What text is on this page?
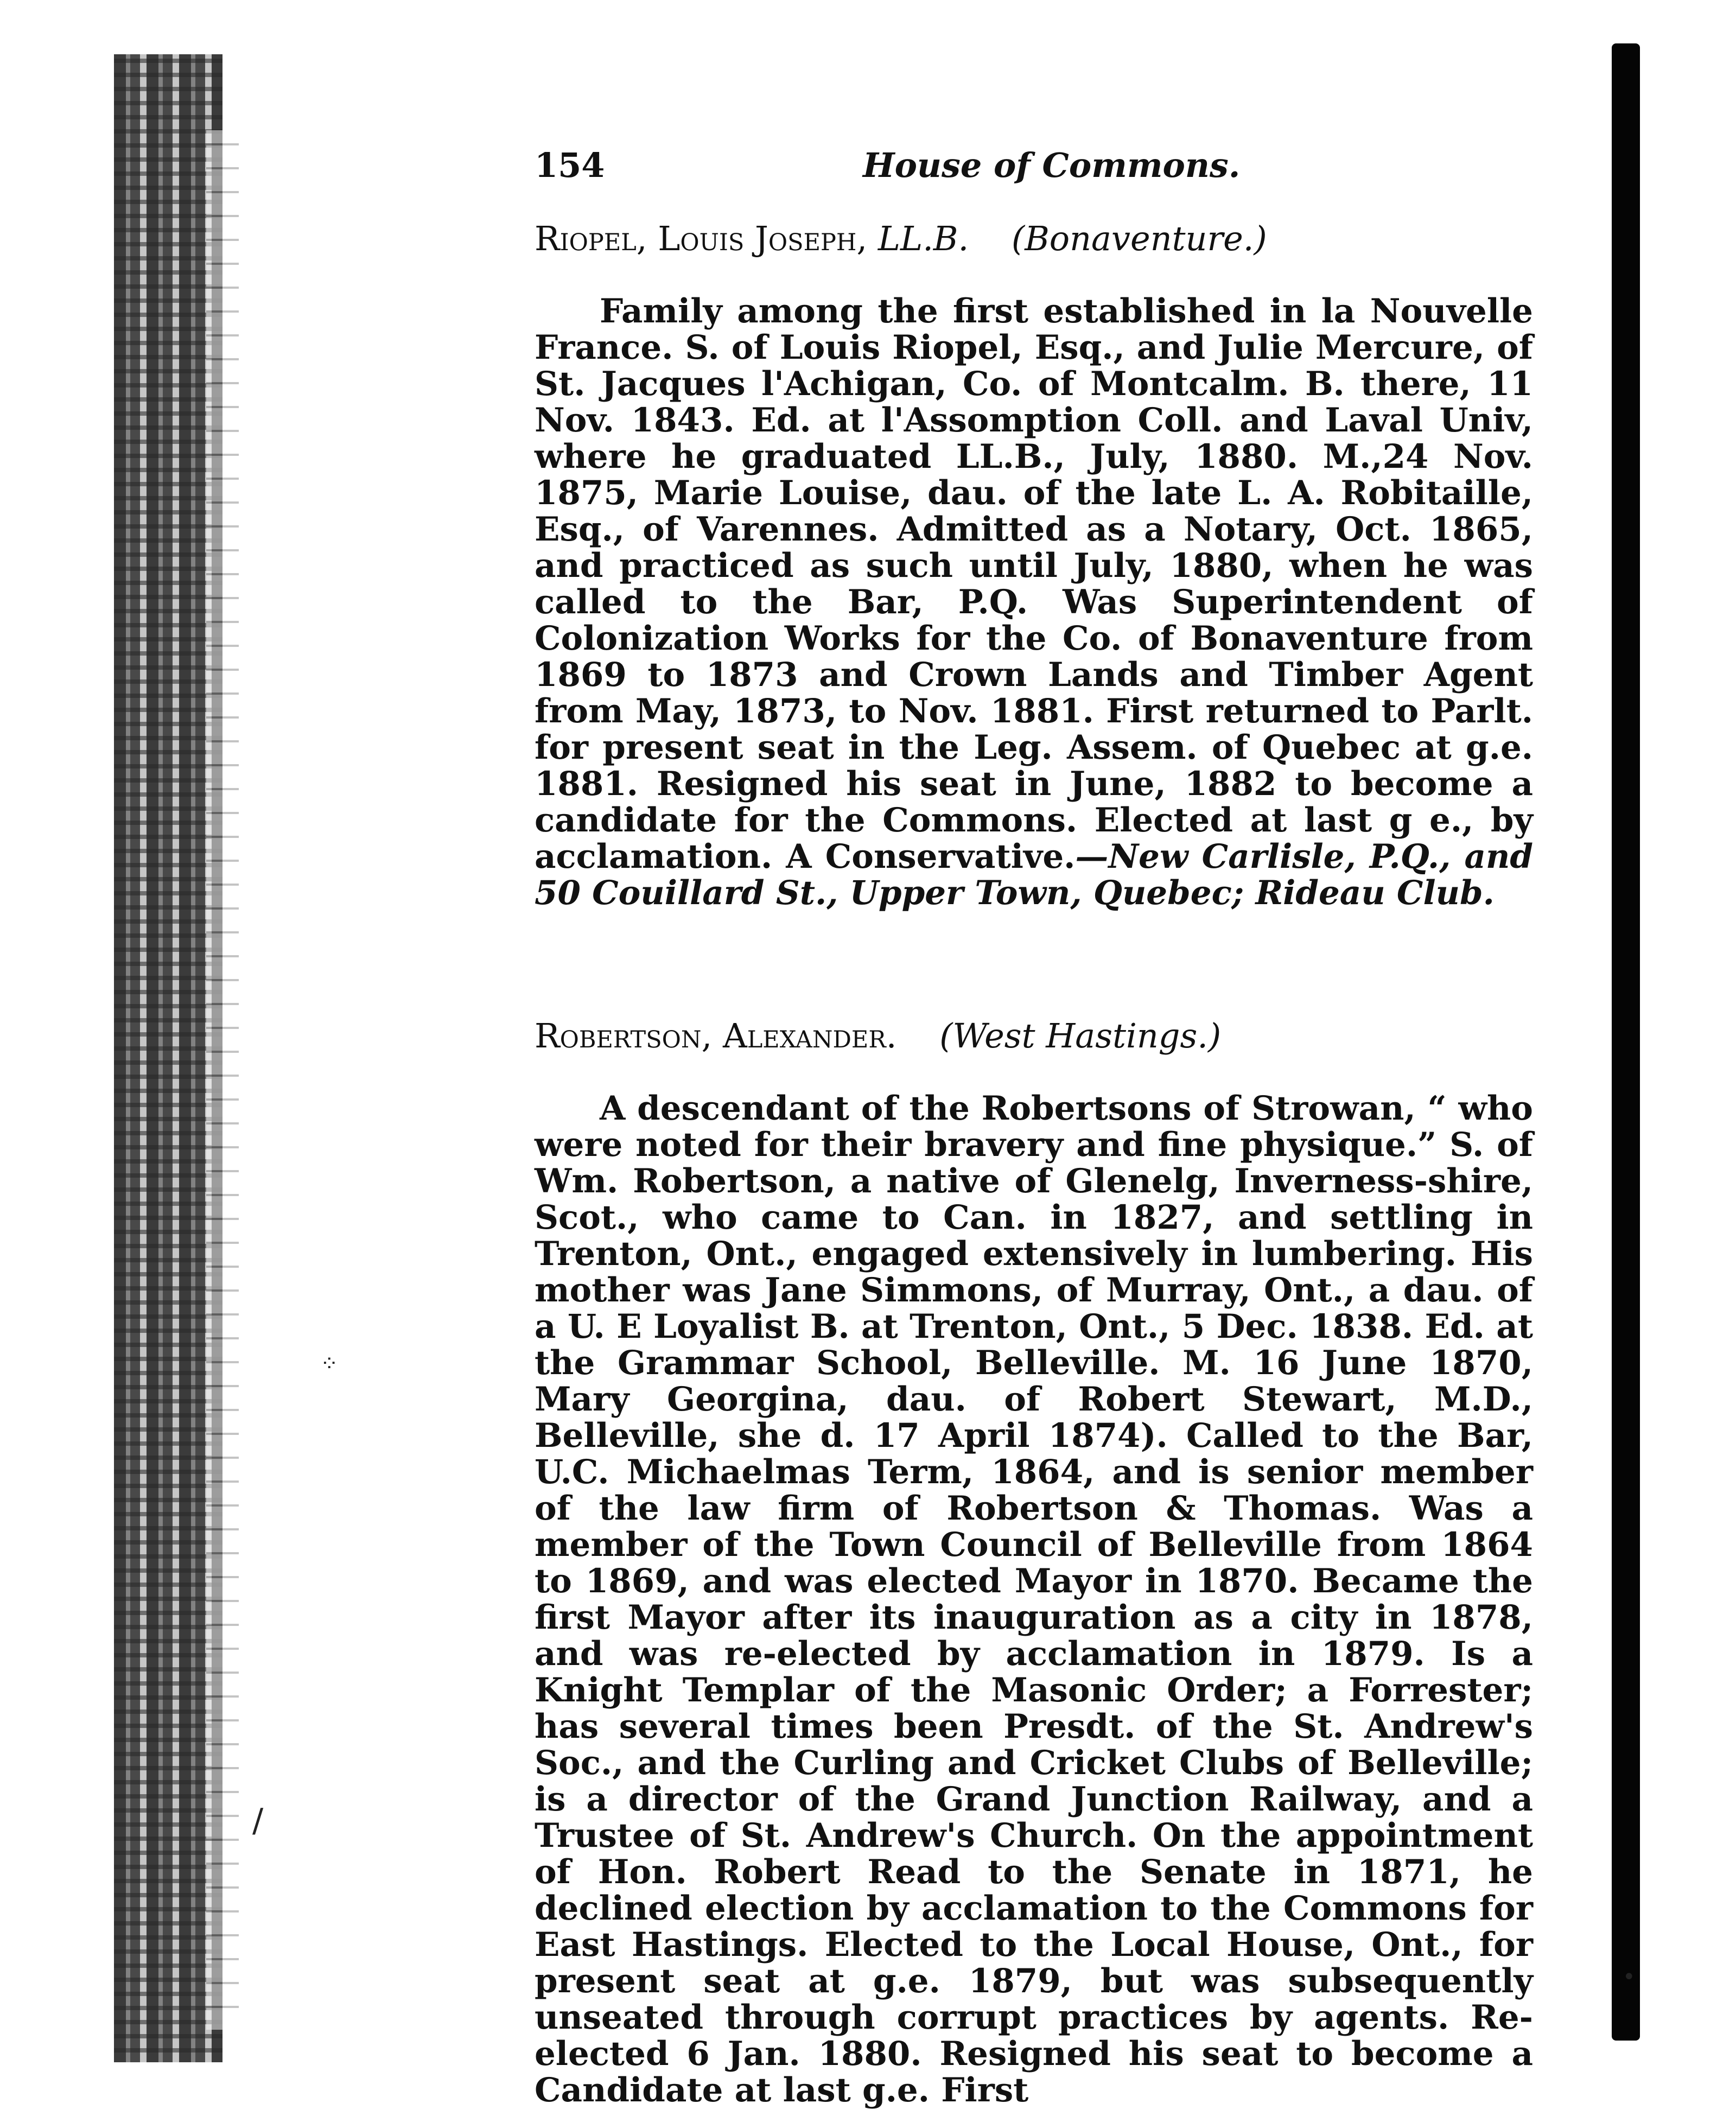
⁘
/
•
154	House of Commons.
Riopel, Louis Joseph, LL.B. (Bonaventure.)
Family among the first established in la Nouvelle France. S. of Louis Riopel, Esq., and Julie Mercure, of St. Jacques l'Achigan, Co. of Montcalm. B. there, 11 Nov. 1843. Ed. at l'Assomption Coll. and Laval Univ, where he graduated LL.B., July, 1880. M.,24 Nov. 1875, Marie Louise, dau. of the late L. A. Robitaille, Esq., of Varennes. Admitted as a Notary, Oct. 1865, and practiced as such until July, 1880, when he was called to the Bar, P.Q. Was Superintendent of Colonization Works for the Co. of Bonaventure from 1869 to 1873 and Crown Lands and Timber Agent from May, 1873, to Nov. 1881. First returned to Parlt. for present seat in the Leg. Assem. of Quebec at g.e. 1881. Resigned his seat in June, 1882 to become a candidate for the Commons. Elected at last g e., by acclamation. A Conservative.—New Carlisle, P.Q., and 50 Couillard St., Upper Town, Quebec; Rideau Club.
Robertson, Alexander. (West Hastings.)
A descendant of the Robertsons of Strowan, “ who were noted for their bravery and fine physique.” S. of Wm. Robertson, a native of Glenelg, Inverness-shire, Scot., who came to Can. in 1827, and settling in Trenton, Ont., engaged extensively in lumbering. His mother was Jane Simmons, of Murray, Ont., a dau. of a U. E Loyalist B. at Trenton, Ont., 5 Dec. 1838. Ed. at the Grammar School, Belleville. M. 16 June 1870, Mary Georgina, dau. of Robert Stewart, M.D., Belleville, she d. 17 April 1874). Called to the Bar, U.C. Michaelmas Term, 1864, and is senior member of the law firm of Robertson & Thomas. Was a member of the Town Council of Belleville from 1864 to 1869, and was elected Mayor in 1870. Became the first Mayor after its inauguration as a city in 1878, and was re-elected by acclamation in 1879. Is a Knight Templar of the Masonic Order; a Forrester; has several times been Presdt. of the St. Andrew's Soc., and the Curling and Cricket Clubs of Belleville; is a director of the Grand Junction Railway, and a Trustee of St. Andrew's Church. On the appointment of Hon. Robert Read to the Senate in 1871, he declined election by acclamation to the Commons for East Hastings. Elected to the Local House, Ont., for present seat at g.e. 1879, but was subsequently unseated through corrupt practices by agents. Re-elected 6 Jan. 1880. Resigned his seat to become a Candidate at last g.e. First
